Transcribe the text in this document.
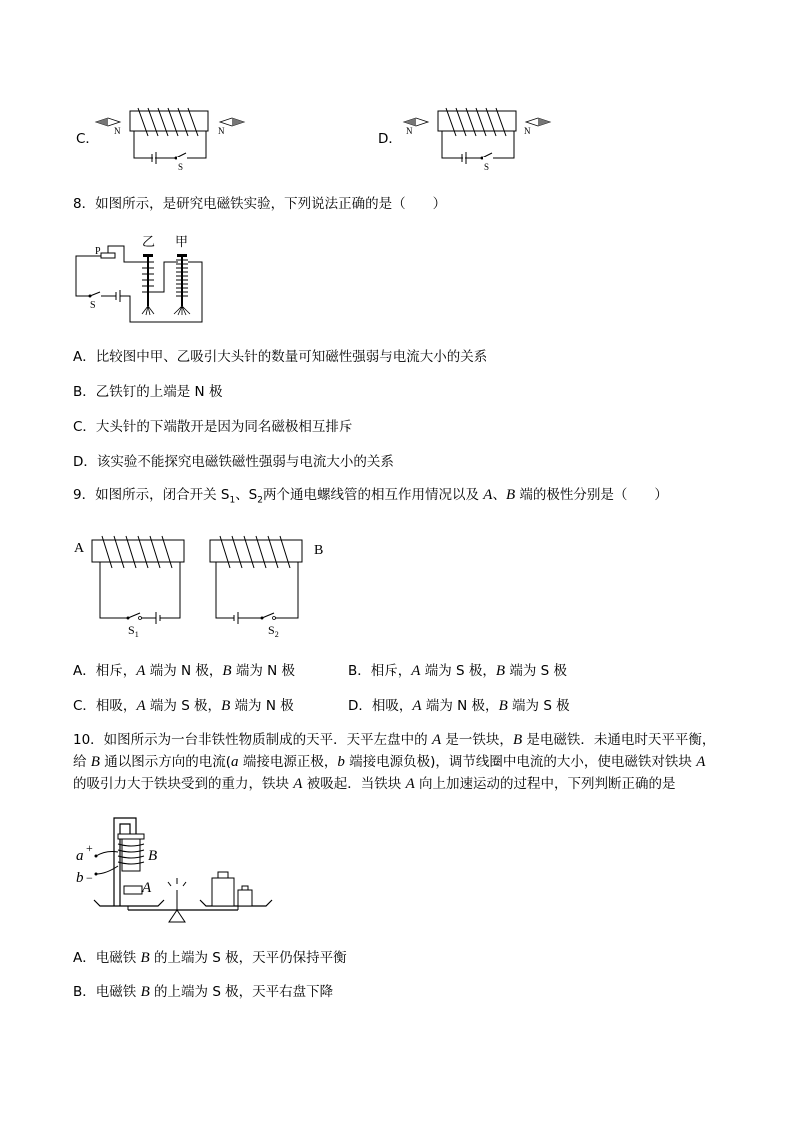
C． N
S
N	D． N
S
N
8．如图所示，是研究电磁铁实验，下列说法正确的是（　　）
P
S
乙 甲
A．比较图中甲、乙吸引大头针的数量可知磁性强弱与电流大小的关系
B．乙铁钉的上端是 N 极
C．大头针的下端散开是因为同名磁极相互排斥
D．该实验不能探究电磁铁磁性强弱与电流大小的关系
9．如图所示，闭合开关 $S_1$、$S_2$两个通电螺线管的相互作用情况以及 A、B 端的极性分别是（　　）
A
$S_1$
B
$S_2$
A．相斥，A 端为 N 极，B 端为 N 极	B．相斥，A 端为 S 极，B 端为 S 极
C．相吸，A 端为 S 极，B 端为 N 极	D．相吸，A 端为 N 极，B 端为 S 极
10．如图所示为一台非铁性物质制成的天平．天平左盘中的 A 是一铁块，B 是电磁铁．未通电时天平平衡，
给 B 通以图示方向的电流(a 端接电源正极，b 端接电源负极)，调节线圈中电流的大小，使电磁铁对铁块 A
的吸引力大于铁块受到的重力，铁块 A 被吸起．当铁块 A 向上加速运动的过程中，下列判断正确的是
B
a +
b −
A
A．电磁铁 B 的上端为 S 极，天平仍保持平衡
B．电磁铁 B 的上端为 S 极，天平右盘下降
